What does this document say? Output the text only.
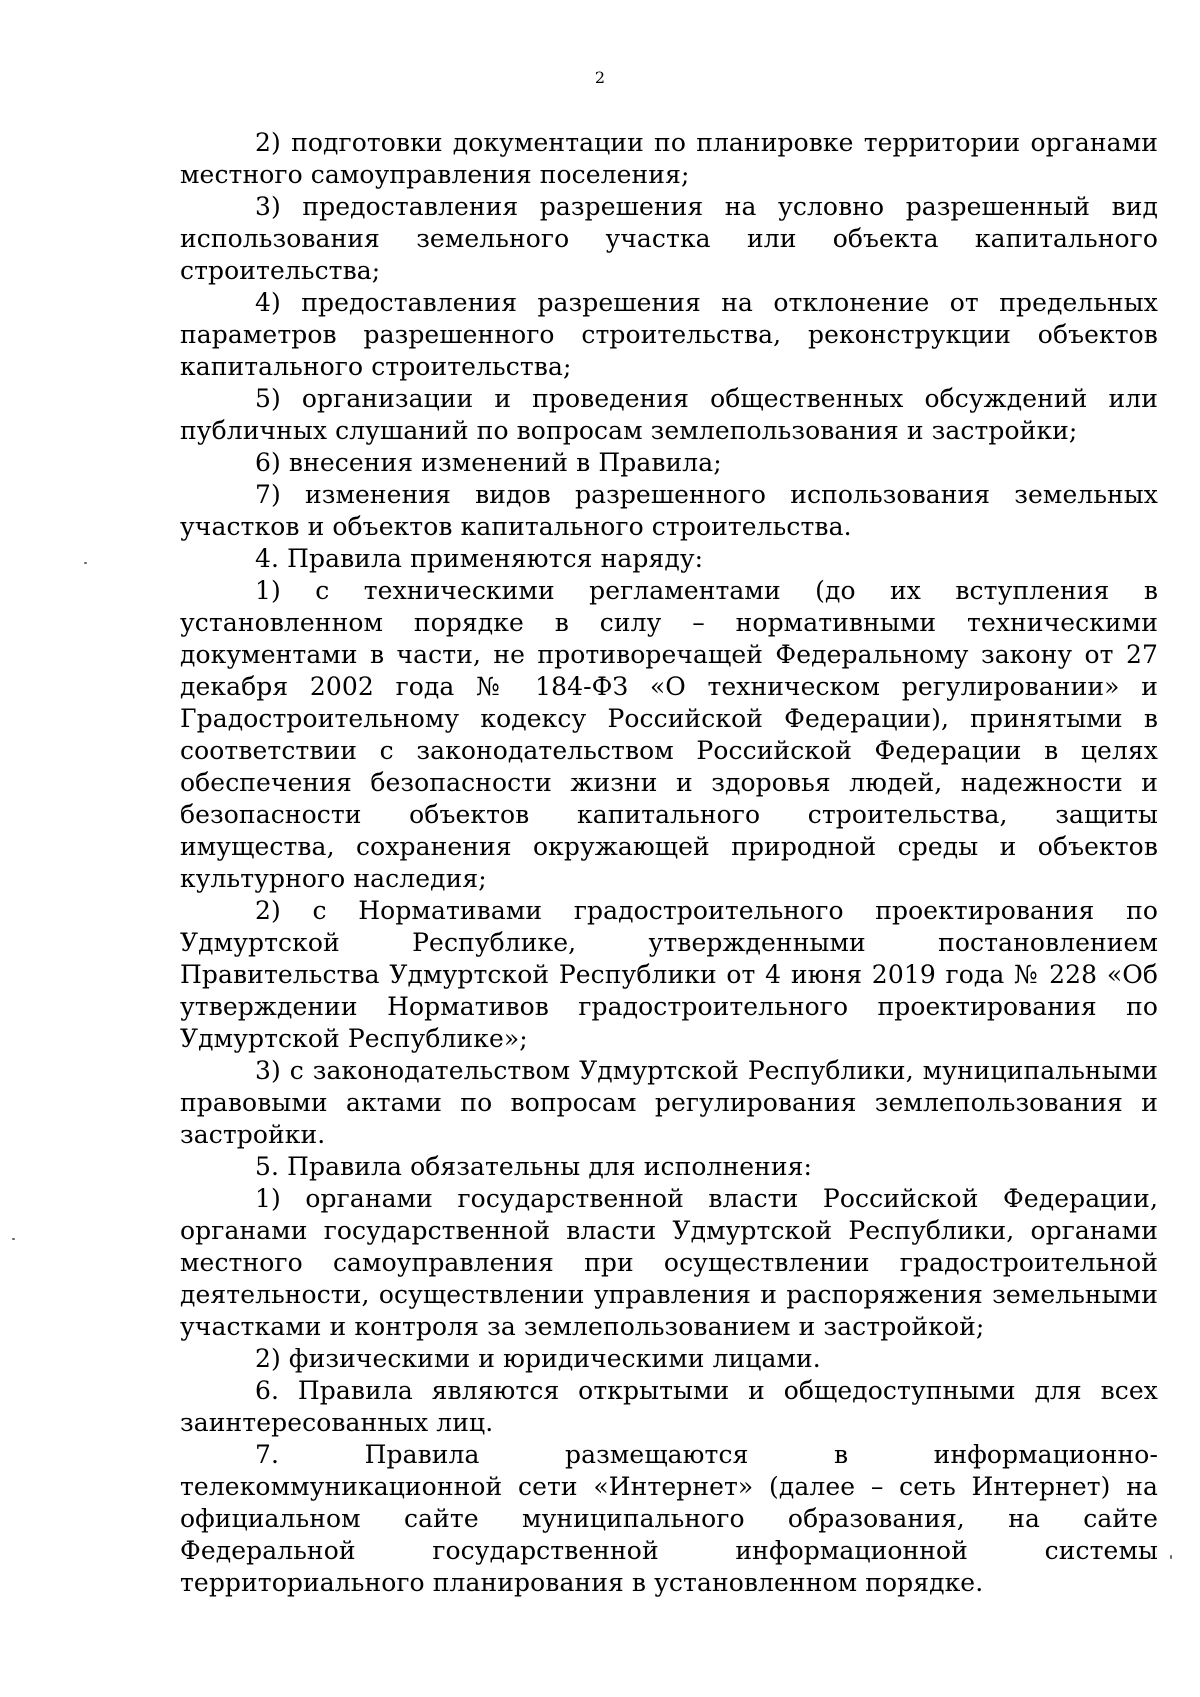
2

2) подготовки документации по планировке территории органами местного самоуправления поселения;

3) предоставления разрешения на условно разрешенный вид использования земельного участка или объекта капитального строительства;

4) предоставления разрешения на отклонение от предельных параметров разрешенного строительства, реконструкции объектов капитального строительства;

5) организации и проведения общественных обсуждений или публичных слушаний по вопросам землепользования и застройки;

6) внесения изменений в Правила;

7) изменения видов разрешенного использования земельных участков и объектов капитального строительства.

4. Правила применяются наряду:

1) с техническими регламентами (до их вступления в установленном порядке в силу – нормативными техническими документами в части, не противоречащей Федеральному закону от 27 декабря 2002 года № 184-ФЗ «О техническом регулировании» и Градостроительному кодексу Российской Федерации), принятыми в соответствии с законодательством Российской Федерации в целях обеспечения безопасности жизни и здоровья людей, надежности и безопасности объектов капитального строительства, защиты имущества, сохранения окружающей природной среды и объектов культурного наследия;

2) с Нормативами градостроительного проектирования по Удмуртской Республике, утвержденными постановлением Правительства Удмуртской Республики от 4 июня 2019 года № 228 «Об утверждении Нормативов градостроительного проектирования по Удмуртской Республике»;

3) с законодательством Удмуртской Республики, муниципальными правовыми актами по вопросам регулирования землепользования и застройки.

5. Правила обязательны для исполнения:

1) органами государственной власти Российской Федерации, органами государственной власти Удмуртской Республики, органами местного самоуправления при осуществлении градостроительной деятельности, осуществлении управления и распоряжения земельными участками и контроля за землепользованием и застройкой;

2) физическими и юридическими лицами.

6. Правила являются открытыми и общедоступными для всех заинтересованных лиц.

7. Правила размещаются в информационно-телекоммуникационной сети «Интернет» (далее – сеть Интернет) на официальном сайте муниципального образования, на сайте Федеральной государственной информационной системы территориального планирования в установленном порядке.
